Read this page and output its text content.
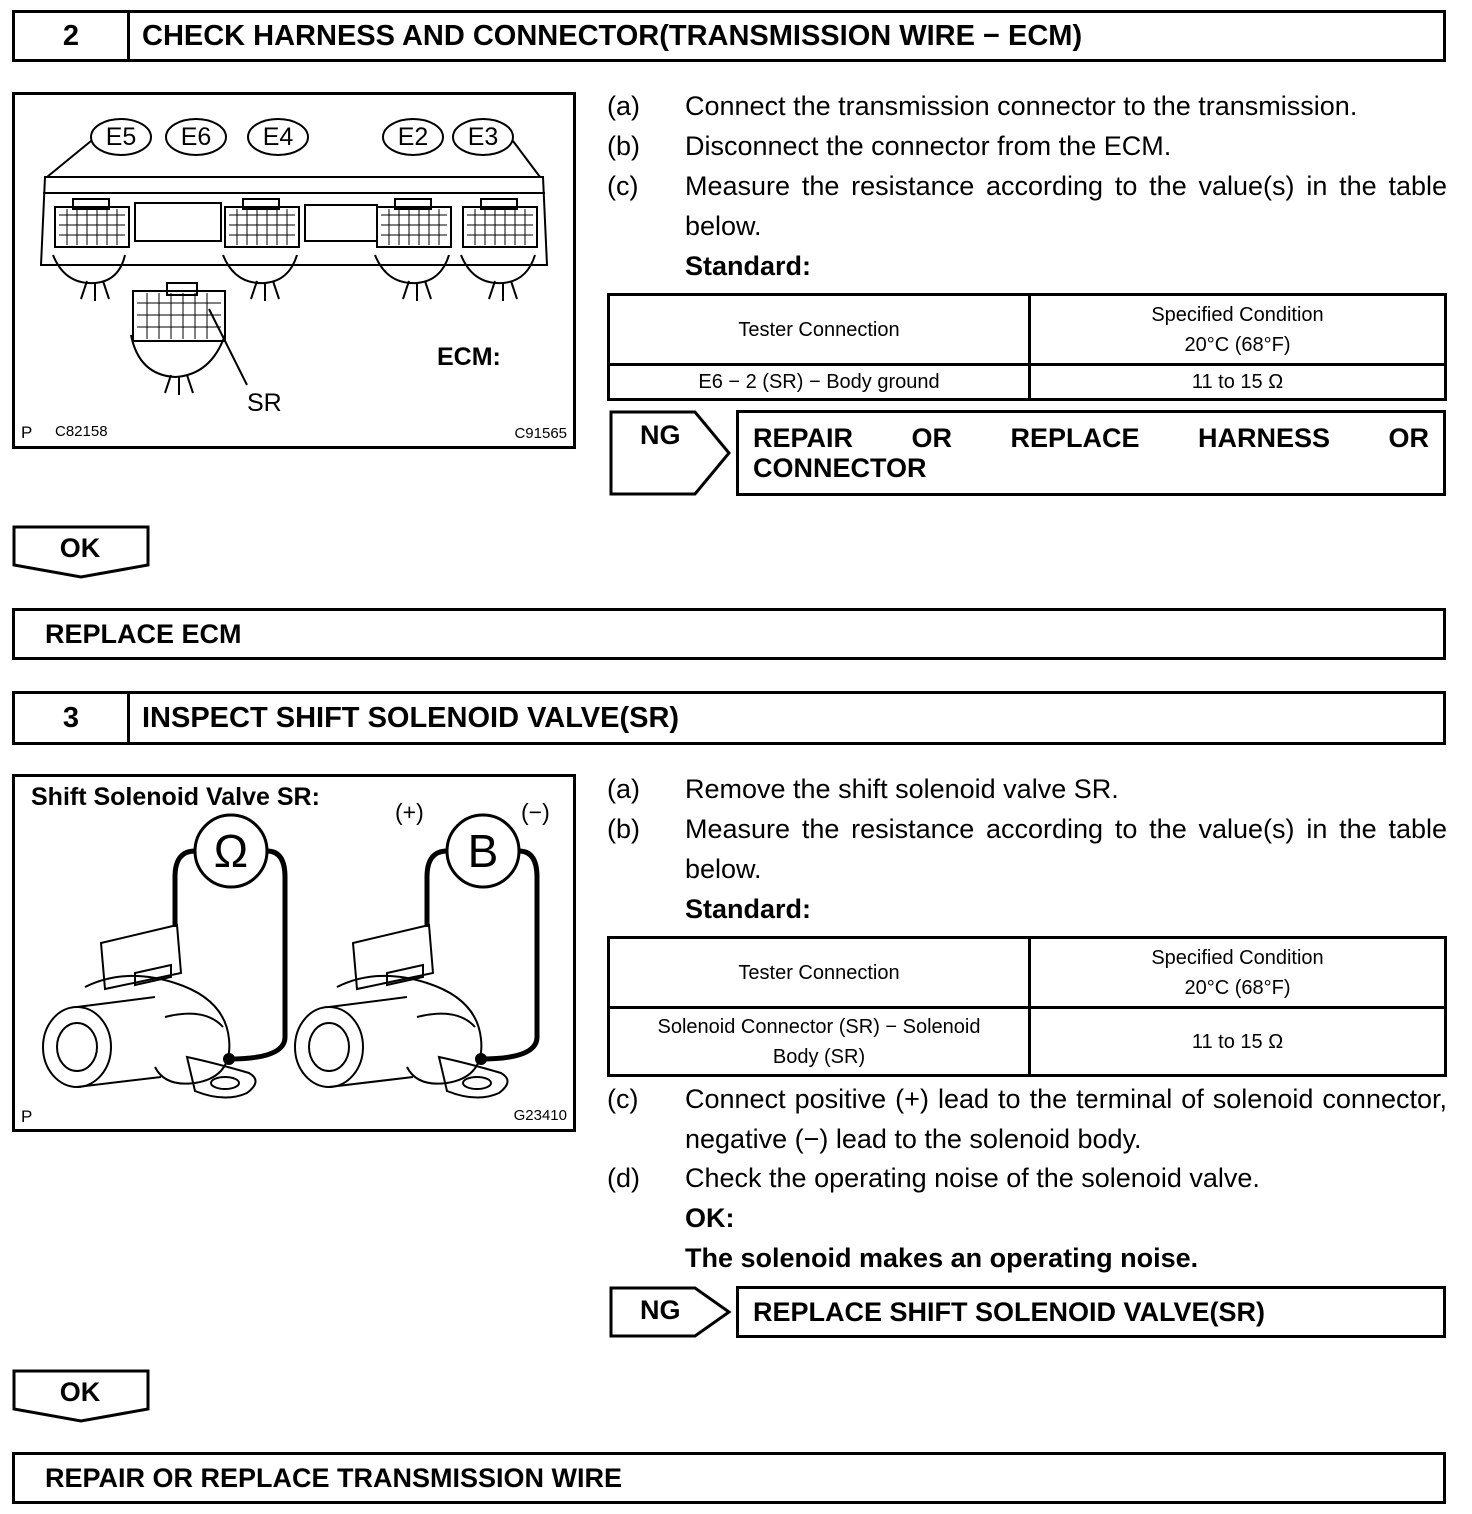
2	CHECK HARNESS AND CONNECTOR(TRANSMISSION WIRE − ECM)
E5 E6 E4	E2 E3
ECM:
SR
P C82158	C91565
(a) Connect the transmission connector to the transmission.
(b) Disconnect the connector from the ECM.
(c) Measure the resistance according to the value(s) in the table below.
Standard:
Tester Connection	Specified Condition
20°C (68°F)

E6 − 2 (SR) − Body ground	11 to 15 Ω
NG	REPAIR OR REPLACE HARNESS OR
CONNECTOR
OK
REPLACE ECM
3	INSPECT SHIFT SOLENOID VALVE(SR)
Shift Solenoid Valve SR:
Ω	B
(+)	(−)
P	G23410
(a) Remove the shift solenoid valve SR.
(b) Measure the resistance according to the value(s) in the table below.
Standard:
Tester Connection	Specified Condition
20°C (68°F)

Solenoid Connector (SR) − Solenoid
Body (SR)	11 to 15 Ω
(c) Connect positive (+) lead to the terminal of solenoid connector, negative (−) lead to the solenoid body.
(d) Check the operating noise of the solenoid valve.
OK:
The solenoid makes an operating noise.
NG	REPLACE SHIFT SOLENOID VALVE(SR)
OK
REPAIR OR REPLACE TRANSMISSION WIRE
